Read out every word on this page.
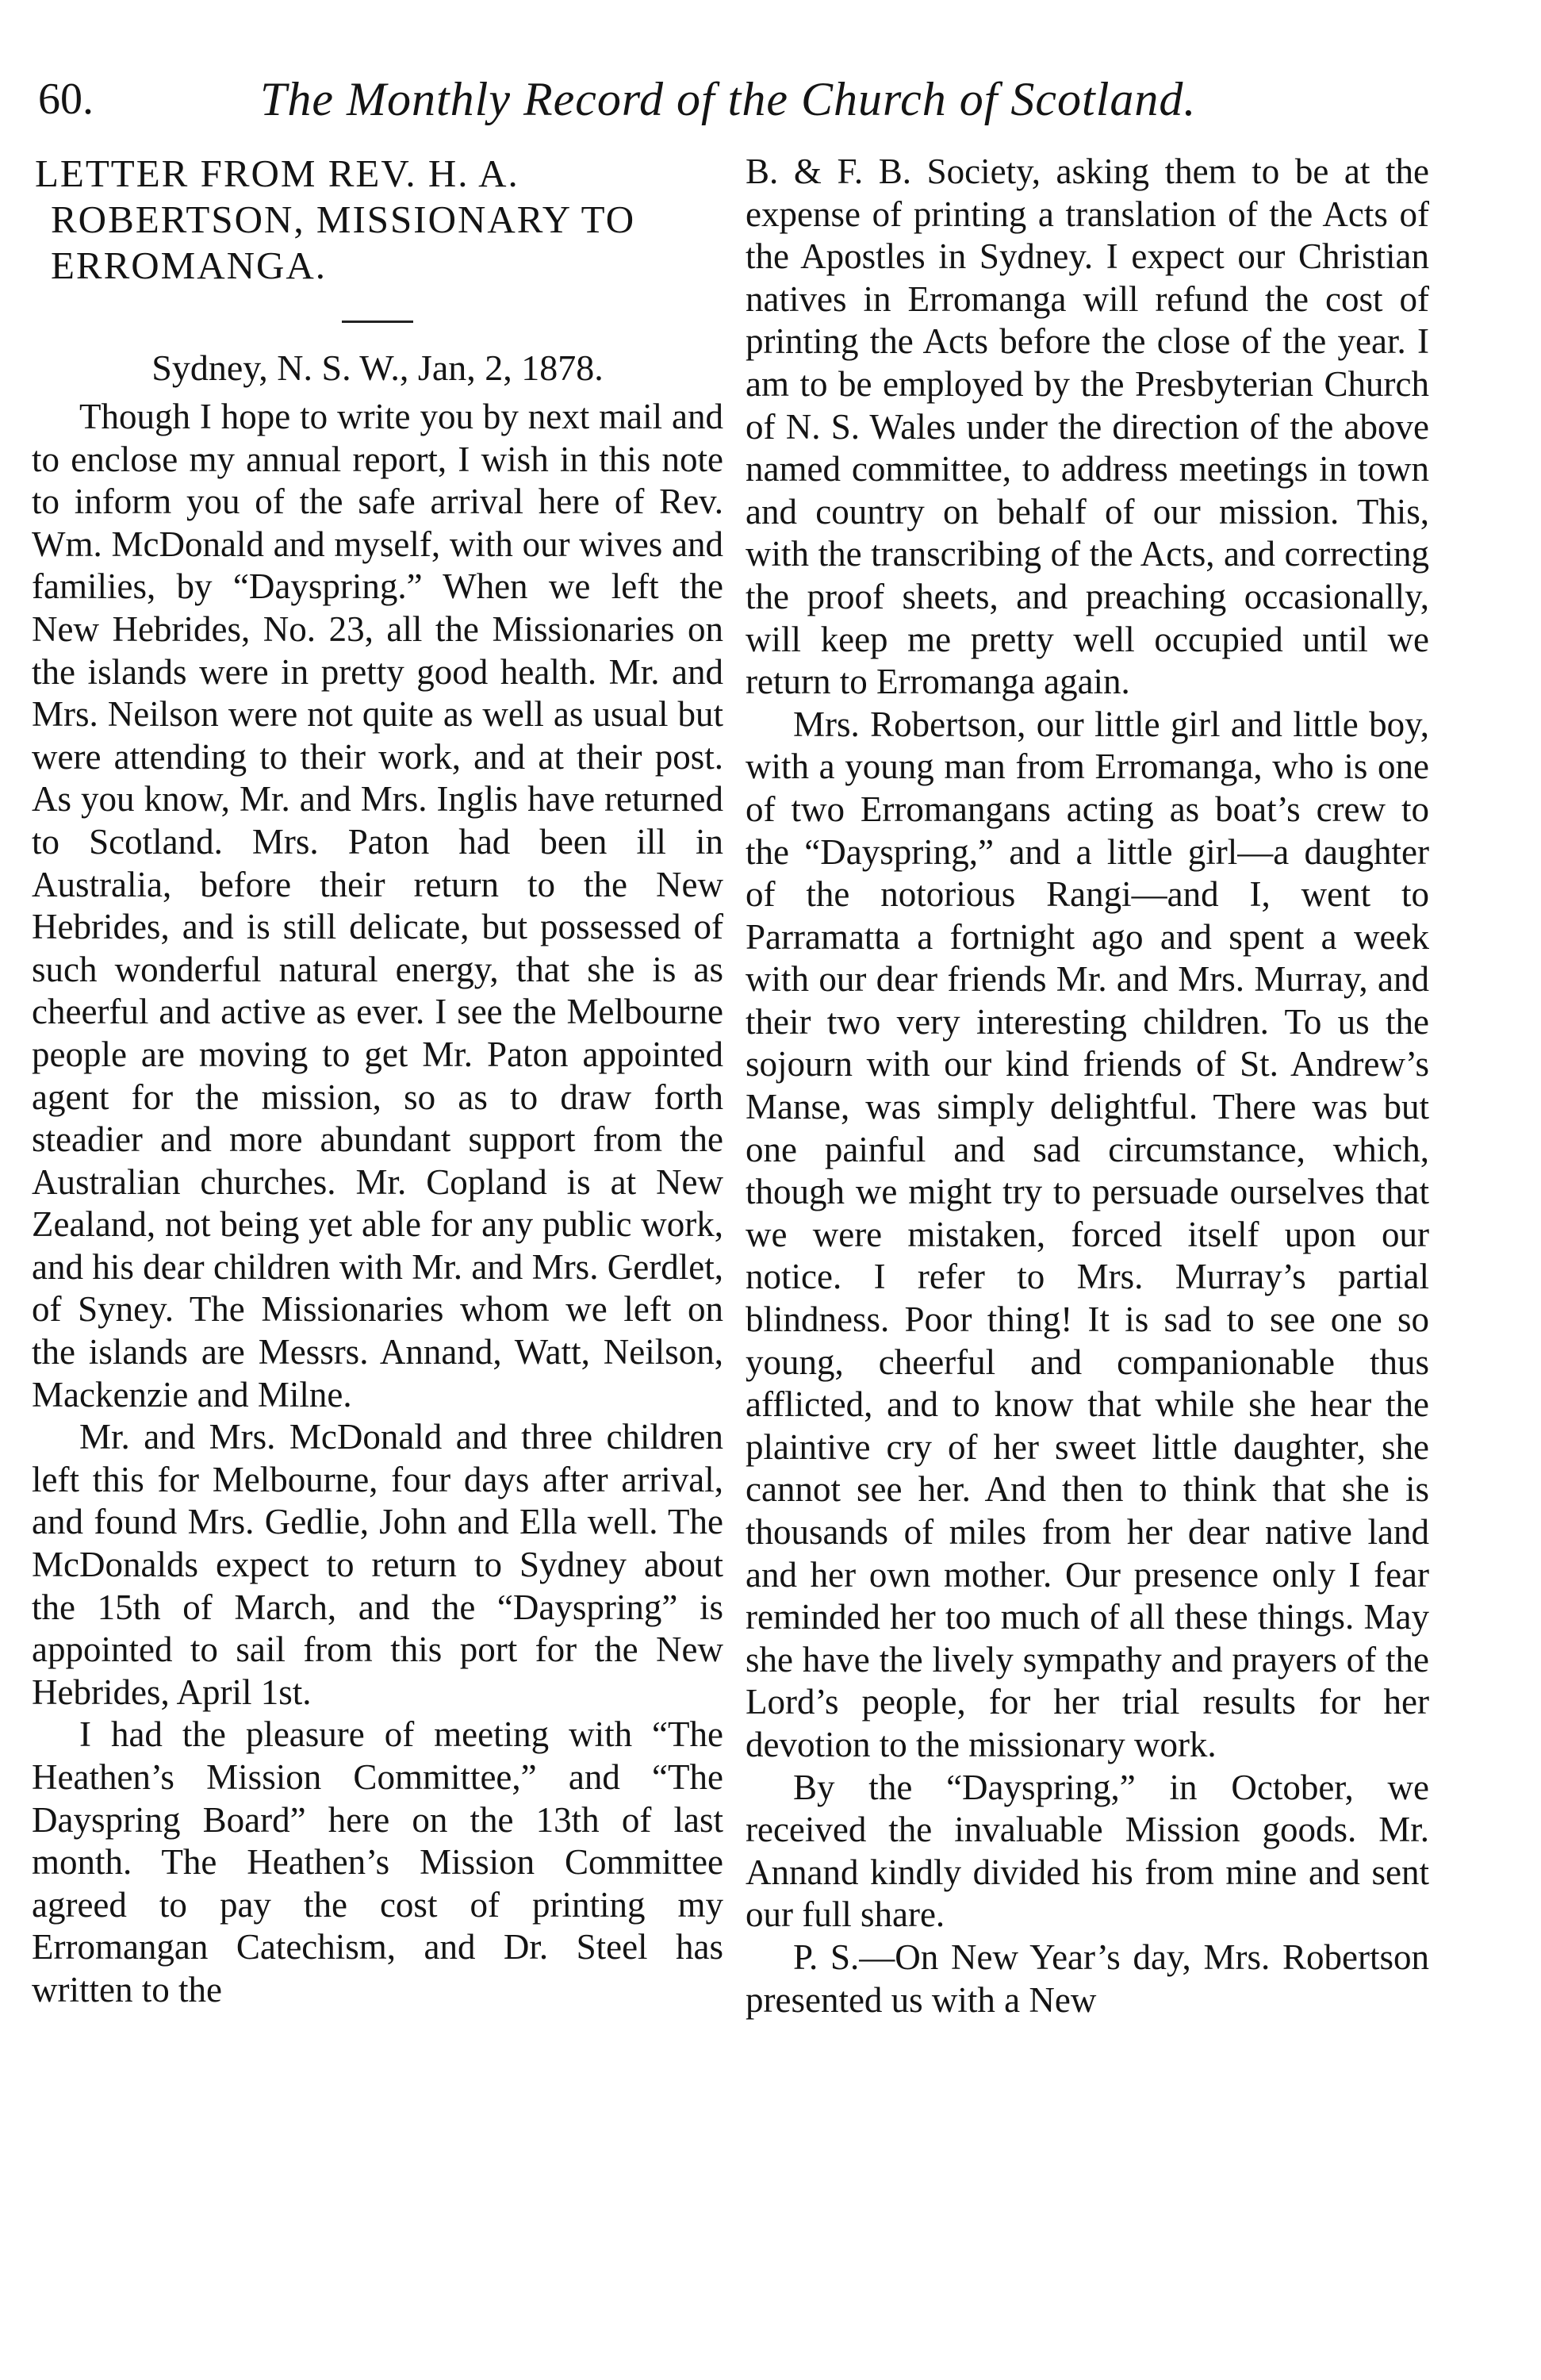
60.	The Monthly Record of the Church of Scotland.
LETTER FROM REV. H. A. ROBERTSON, MISSIONARY TO ERROMANGA.

Sydney, N. S. W., Jan, 2, 1878.

Though I hope to write you by next mail and to enclose my annual report, I wish in this note to inform you of the safe arrival here of Rev. Wm. McDonald and myself, with our wives and families, by “Dayspring.” When we left the New Hebrides, No. 23, all the Missionaries on the islands were in pretty good health. Mr. and Mrs. Neilson were not quite as well as usual but were attending to their work, and at their post. As you know, Mr. and Mrs. Inglis have returned to Scotland. Mrs. Paton had been ill in Australia, before their return to the New Hebrides, and is still delicate, but possessed of such wonderful natural energy, that she is as cheerful and active as ever. I see the Melbourne people are moving to get Mr. Paton appointed agent for the mission, so as to draw forth steadier and more abundant support from the Australian churches. Mr. Copland is at New Zealand, not being yet able for any public work, and his dear children with Mr. and Mrs. Gerdlet, of Syney. The Missionaries whom we left on the islands are Messrs. Annand, Watt, Neilson, Mackenzie and Milne.

Mr. and Mrs. McDonald and three children left this for Melbourne, four days after arrival, and found Mrs. Gedlie, John and Ella well. The McDonalds expect to return to Sydney about the 15th of March, and the “Dayspring” is appointed to sail from this port for the New Hebrides, April 1st.

I had the pleasure of meeting with “The Heathen’s Mission Committee,” and “The Dayspring Board” here on the 13th of last month. The Heathen’s Mission Committee agreed to pay the cost of printing my Erromangan Catechism, and Dr. Steel has written to the

B. & F. B. Society, asking them to be at the expense of printing a translation of the Acts of the Apostles in Sydney. I expect our Christian natives in Erromanga will refund the cost of printing the Acts before the close of the year. I am to be employed by the Presbyterian Church of N. S. Wales under the direction of the above named committee, to address meetings in town and country on behalf of our mission. This, with the transcribing of the Acts, and correcting the proof sheets, and preaching occasionally, will keep me pretty well occupied until we return to Erromanga again.

Mrs. Robertson, our little girl and little boy, with a young man from Erromanga, who is one of two Erromangans acting as boat’s crew to the “Dayspring,” and a little girl—a daughter of the notorious Rangi—and I, went to Parramatta a fortnight ago and spent a week with our dear friends Mr. and Mrs. Murray, and their two very interesting children. To us the sojourn with our kind friends of St. Andrew’s Manse, was simply delightful. There was but one painful and sad circumstance, which, though we might try to persuade ourselves that we were mistaken, forced itself upon our notice. I refer to Mrs. Murray’s partial blindness. Poor thing! It is sad to see one so young, cheerful and companionable thus afflicted, and to know that while she hear the plaintive cry of her sweet little daughter, she cannot see her. And then to think that she is thousands of miles from her dear native land and her own mother. Our presence only I fear reminded her too much of all these things. May she have the lively sympathy and prayers of the Lord’s people, for her trial results for her devotion to the missionary work.

By the “Dayspring,” in October, we received the invaluable Mission goods. Mr. Annand kindly divided his from mine and sent our full share.

P. S.—On New Year’s day, Mrs. Robertson presented us with a New
